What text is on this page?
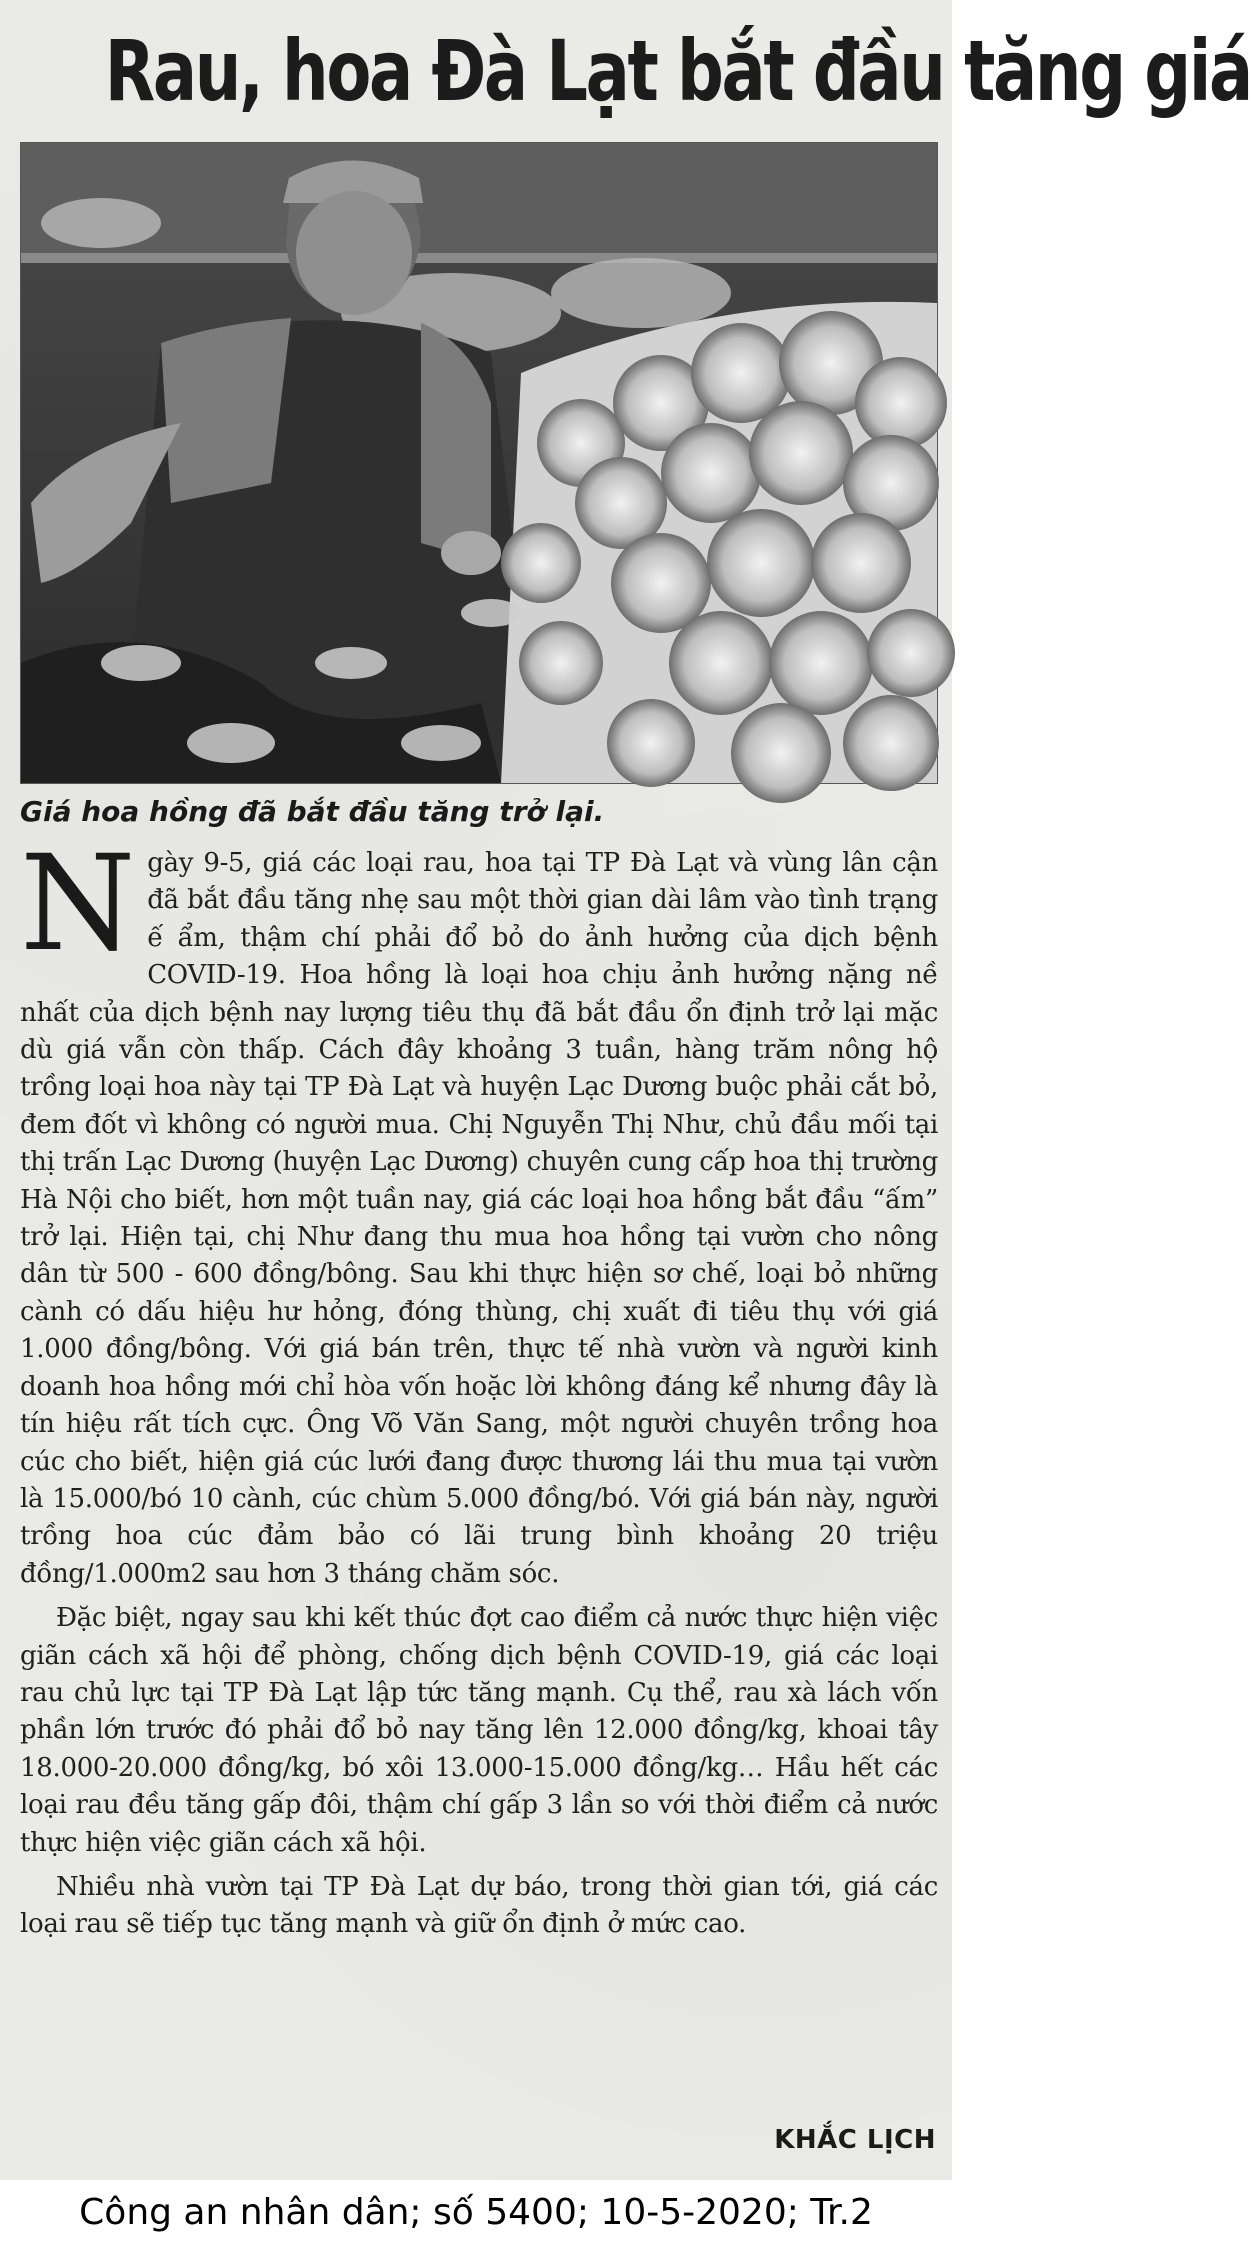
Rau, hoa Đà Lạt bắt đầu tăng giá
Giá hoa hồng đã bắt đầu tăng trở lại.

Ngày 9-5, giá các loại rau, hoa tại TP Đà Lạt và vùng lân cận đã bắt đầu tăng nhẹ sau một thời gian dài lâm vào tình trạng ế ẩm, thậm chí phải đổ bỏ do ảnh hưởng của dịch bệnh COVID-19. Hoa hồng là loại hoa chịu ảnh hưởng nặng nề nhất của dịch bệnh nay lượng tiêu thụ đã bắt đầu ổn định trở lại mặc dù giá vẫn còn thấp. Cách đây khoảng 3 tuần, hàng trăm nông hộ trồng loại hoa này tại TP Đà Lạt và huyện Lạc Dương buộc phải cắt bỏ, đem đốt vì không có người mua. Chị Nguyễn Thị Như, chủ đầu mối tại thị trấn Lạc Dương (huyện Lạc Dương) chuyên cung cấp hoa thị trường Hà Nội cho biết, hơn một tuần nay, giá các loại hoa hồng bắt đầu “ấm” trở lại. Hiện tại, chị Như đang thu mua hoa hồng tại vườn cho nông dân từ 500 - 600 đồng/bông. Sau khi thực hiện sơ chế, loại bỏ những cành có dấu hiệu hư hỏng, đóng thùng, chị xuất đi tiêu thụ với giá 1.000 đồng/bông. Với giá bán trên, thực tế nhà vườn và người kinh doanh hoa hồng mới chỉ hòa vốn hoặc lời không đáng kể nhưng đây là tín hiệu rất tích cực. Ông Võ Văn Sang, một người chuyên trồng hoa cúc cho biết, hiện giá cúc lưới đang được thương lái thu mua tại vườn là 15.000/bó 10 cành, cúc chùm 5.000 đồng/bó. Với giá bán này, người trồng hoa cúc đảm bảo có lãi trung bình khoảng 20 triệu đồng/1.000m2 sau hơn 3 tháng chăm sóc.

Đặc biệt, ngay sau khi kết thúc đợt cao điểm cả nước thực hiện việc giãn cách xã hội để phòng, chống dịch bệnh COVID-19, giá các loại rau chủ lực tại TP Đà Lạt lập tức tăng mạnh. Cụ thể, rau xà lách vốn phần lớn trước đó phải đổ bỏ nay tăng lên 12.000 đồng/kg, khoai tây 18.000-20.000 đồng/kg, bó xôi 13.000-15.000 đồng/kg… Hầu hết các loại rau đều tăng gấp đôi, thậm chí gấp 3 lần so với thời điểm cả nước thực hiện việc giãn cách xã hội.

Nhiều nhà vườn tại TP Đà Lạt dự báo, trong thời gian tới, giá các loại rau sẽ tiếp tục tăng mạnh và giữ ổn định ở mức cao.

KHẮC LỊCH
Công an nhân dân; số 5400; 10-5-2020; Tr.2
